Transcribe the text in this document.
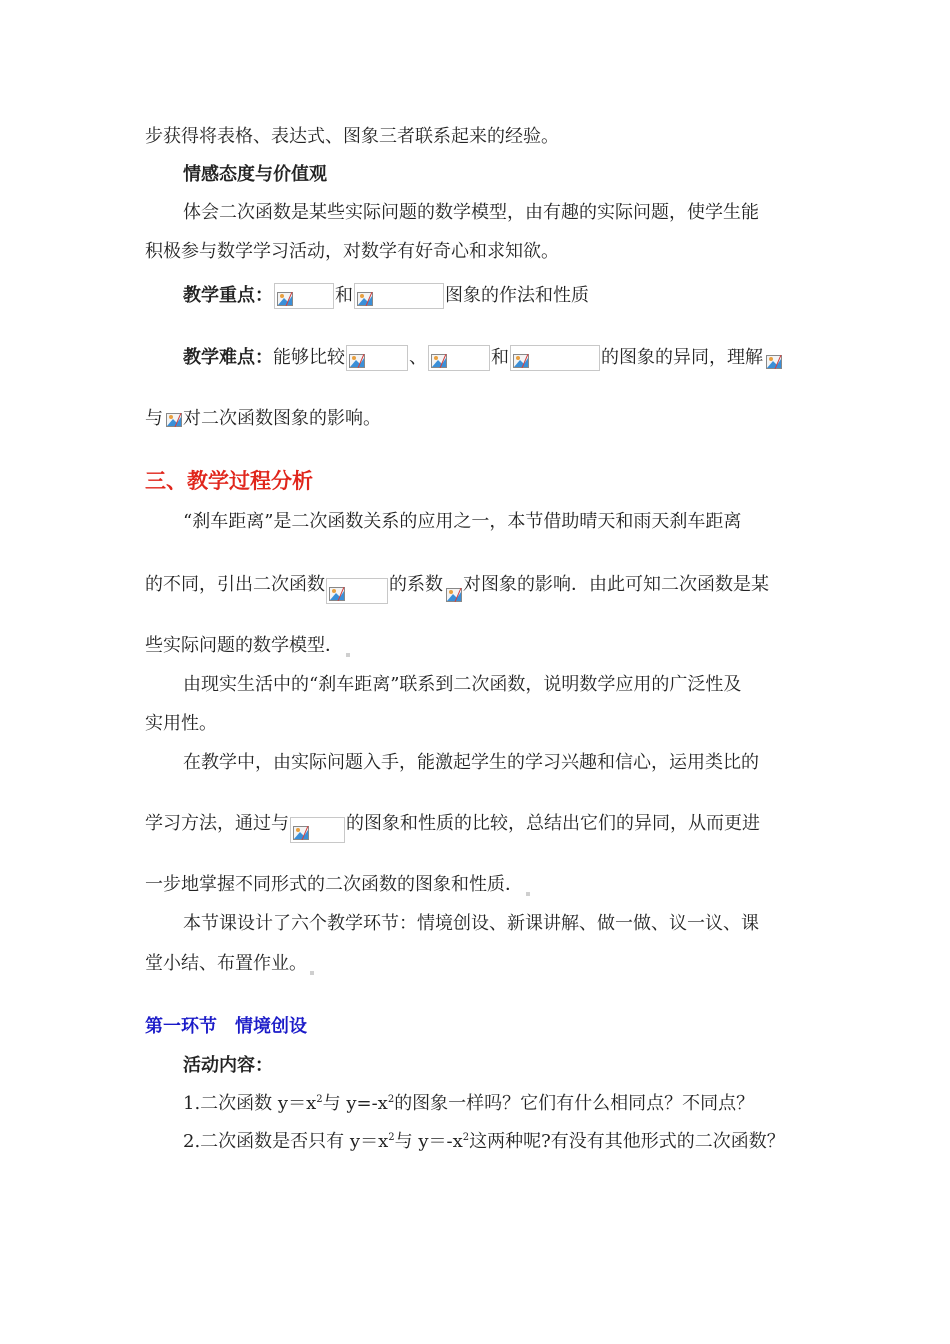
步获得将表格、表达式、图象三者联系起来的经验。
情感态度与价值观
体会二次函数是某些实际问题的数学模型，由有趣的实际问题，使学生能
积极参与数学学习活动，对数学有好奇心和求知欲。
教学重点：	和	图象的作法和性质
教学难点：能够比较	、	和	的图象的异同，理解
与 对二次函数图象的影响。
三、教学过程分析
“刹车距离”是二次函数关系的应用之一，本节借助晴天和雨天刹车距离
的不同，引出二次函数	的系数 对图象的影响．由此可知二次函数是某
些实际问题的数学模型．
由现实生活中的“刹车距离”联系到二次函数，说明数学应用的广泛性及
实用性。
在教学中，由实际问题入手，能激起学生的学习兴趣和信心，运用类比的
学习方法，通过与	的图象和性质的比较，总结出它们的异同，从而更进
一步地掌握不同形式的二次函数的图象和性质．
本节课设计了六个教学环节：情境创设、新课讲解、做一做、议一议、课
堂小结、布置作业。
第一环节　情境创设
活动内容：
1.二次函数 $y=x^2$与 $y=-x^2$的图象一样吗？它们有什么相同点？不同点？
2.二次函数是否只有 $y=x^2$与 $y=-x^2$这两种呢?有没有其他形式的二次函数？
